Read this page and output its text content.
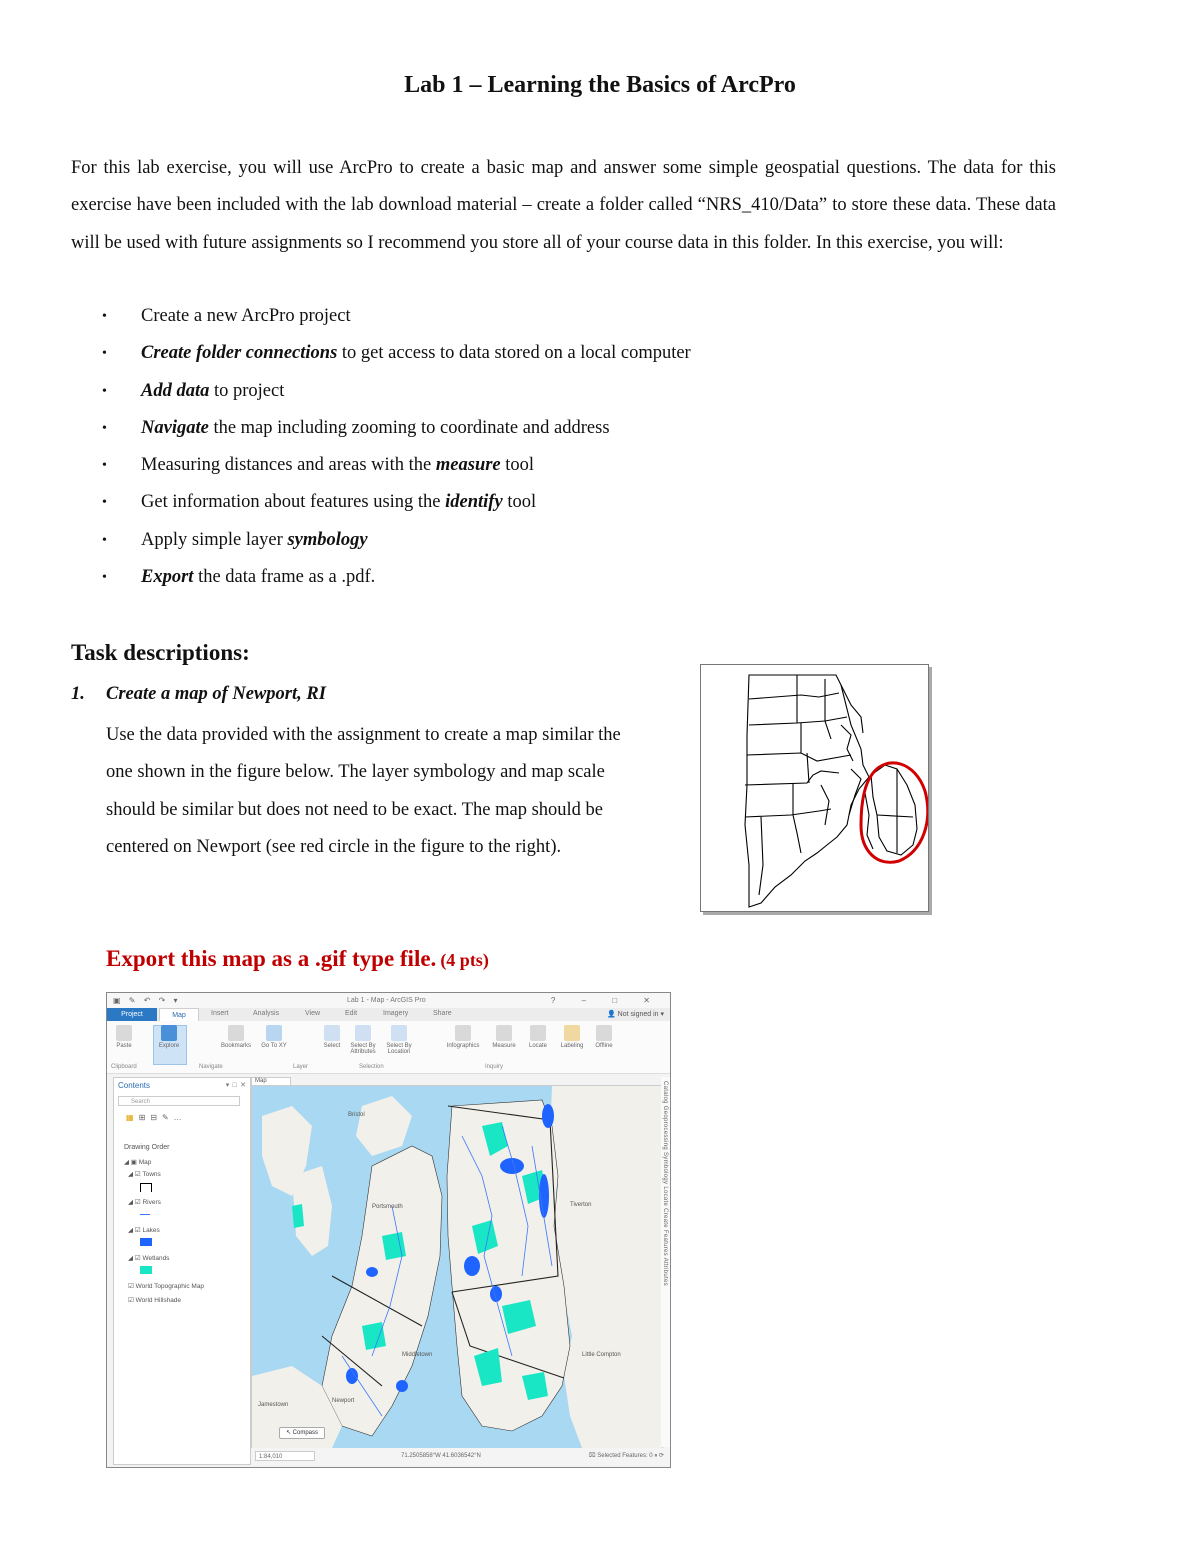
Lab 1 – Learning the Basics of ArcPro
For this lab exercise, you will use ArcPro to create a basic map and answer some simple geospatial questions. The data for this exercise have been included with the lab download material – create a folder called “NRS_410/Data” to store these data. These data will be used with future assignments so I recommend you store all of your course data in this folder. In this exercise, you will:
• Create a new ArcPro project
• Create folder connections to get access to data stored on a local computer
• Add data to project
• Navigate the map including zooming to coordinate and address
• Measuring distances and areas with the measure tool
• Get information about features using the identify tool
• Apply simple layer symbology
• Export the data frame as a .pdf.
Task descriptions:
1. Create a map of Newport, RI
Use the data provided with the assignment to create a map similar the one shown in the figure below. The layer symbology and map scale should be similar but does not need to be exact. The map should be centered on Newport (see red circle in the figure to the right).
Export this map as a .gif type file. (4 pts)
▣ ✎ ↶ ↷ ▾	Lab 1 - Map - ArcGIS Pro	? – □ ✕
Project	Map	Insert	Analysis	View	Edit	Imagery	Share	👤 Not signed in ▾
Paste	Explore	Bookmarks	Go To XY	Select	Select By Attributes
Select By Location
Infographics	Measure	Locate	Labeling	Offline
Clipboard	Navigate	Layer	Selection	Inquiry
Contents	▾  □  ✕
Search
▦⊞⊟✎…
Drawing Order
◢ ▣ Map
◢ ☑ Towns
◢ ☑ Rivers
◢ ☑ Lakes
◢ ☑ Wetlands
☑ World Topographic Map
☑ World Hillshade
Map
Bristol
Portsmouth
Middletown
Newport
Tiverton
Little Compton
Jamestown
↖ Compass
Catalog Geoprocessing Symbology Locate Create Features Attributes
1:84,010	71.2505858°W 41.6036542°N	⌧ Selected Features: 0 ⏸ ⟳
